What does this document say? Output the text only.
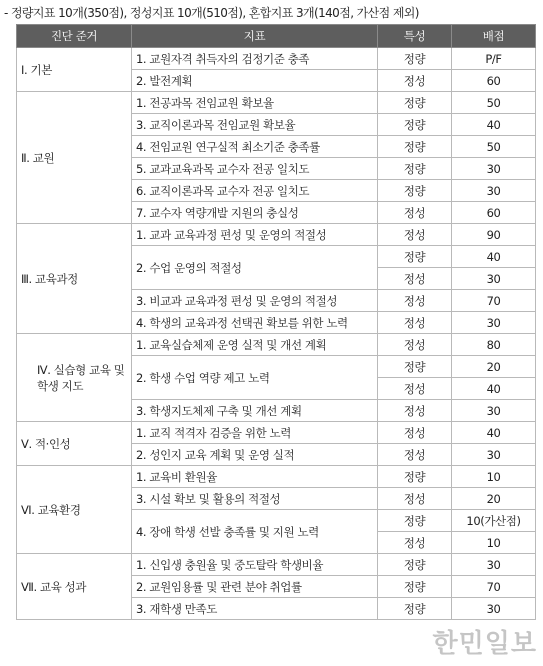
- 정량지표 10개(350점), 정성지표 10개(510점), 혼합지표 3개(140점, 가산점 제외)
진단 준거	지표	특성	배점
Ⅰ. 기본	1. 교원자격 취득자의 검정기준 충족	정량	P/F
	2. 발전계획	정성	60
Ⅱ. 교원	1. 전공과목 전임교원 확보율	정량	50
	3. 교직이론과목 전임교원 확보율	정량	40
	4. 전임교원 연구실적 최소기준 충족률	정량	50
	5. 교과교육과목 교수자 전공 일치도	정량	30
	6. 교직이론과목 교수자 전공 일치도	정량	30
	7. 교수자 역량개발 지원의 충실성	정성	60
Ⅲ. 교육과정	1. 교과 교육과정 편성 및 운영의 적절성	정성	90
	2. 수업 운영의 적절성	정량	40
		정성	30
	3. 비교과 교육과정 편성 및 운영의 적절성	정성	70
	4. 학생의 교육과정 선택권 확보를 위한 노력	정성	30
Ⅳ. 실습형 교육 및 학생 지도	1. 교육실습체제 운영 실적 및 개선 계획	정성	80
	2. 학생 수업 역량 제고 노력	정량	20
		정성	40
	3. 학생지도체제 구축 및 개선 계획	정성	30
Ⅴ. 적·인성	1. 교직 적격자 검증을 위한 노력	정성	40
	2. 성인지 교육 계획 및 운영 실적	정성	30
Ⅵ. 교육환경	1. 교육비 환원율	정량	10
	3. 시설 확보 및 활용의 적절성	정성	20
	4. 장애 학생 선발 충족률 및 지원 노력	정량	10(가산점)
		정성	10
Ⅶ. 교육 성과	1. 신입생 충원율 및 중도탈락 학생비율	정량	30
	2. 교원임용률 및 관련 분야 취업률	정량	70
	3. 재학생 만족도	정량	30
한민일보
